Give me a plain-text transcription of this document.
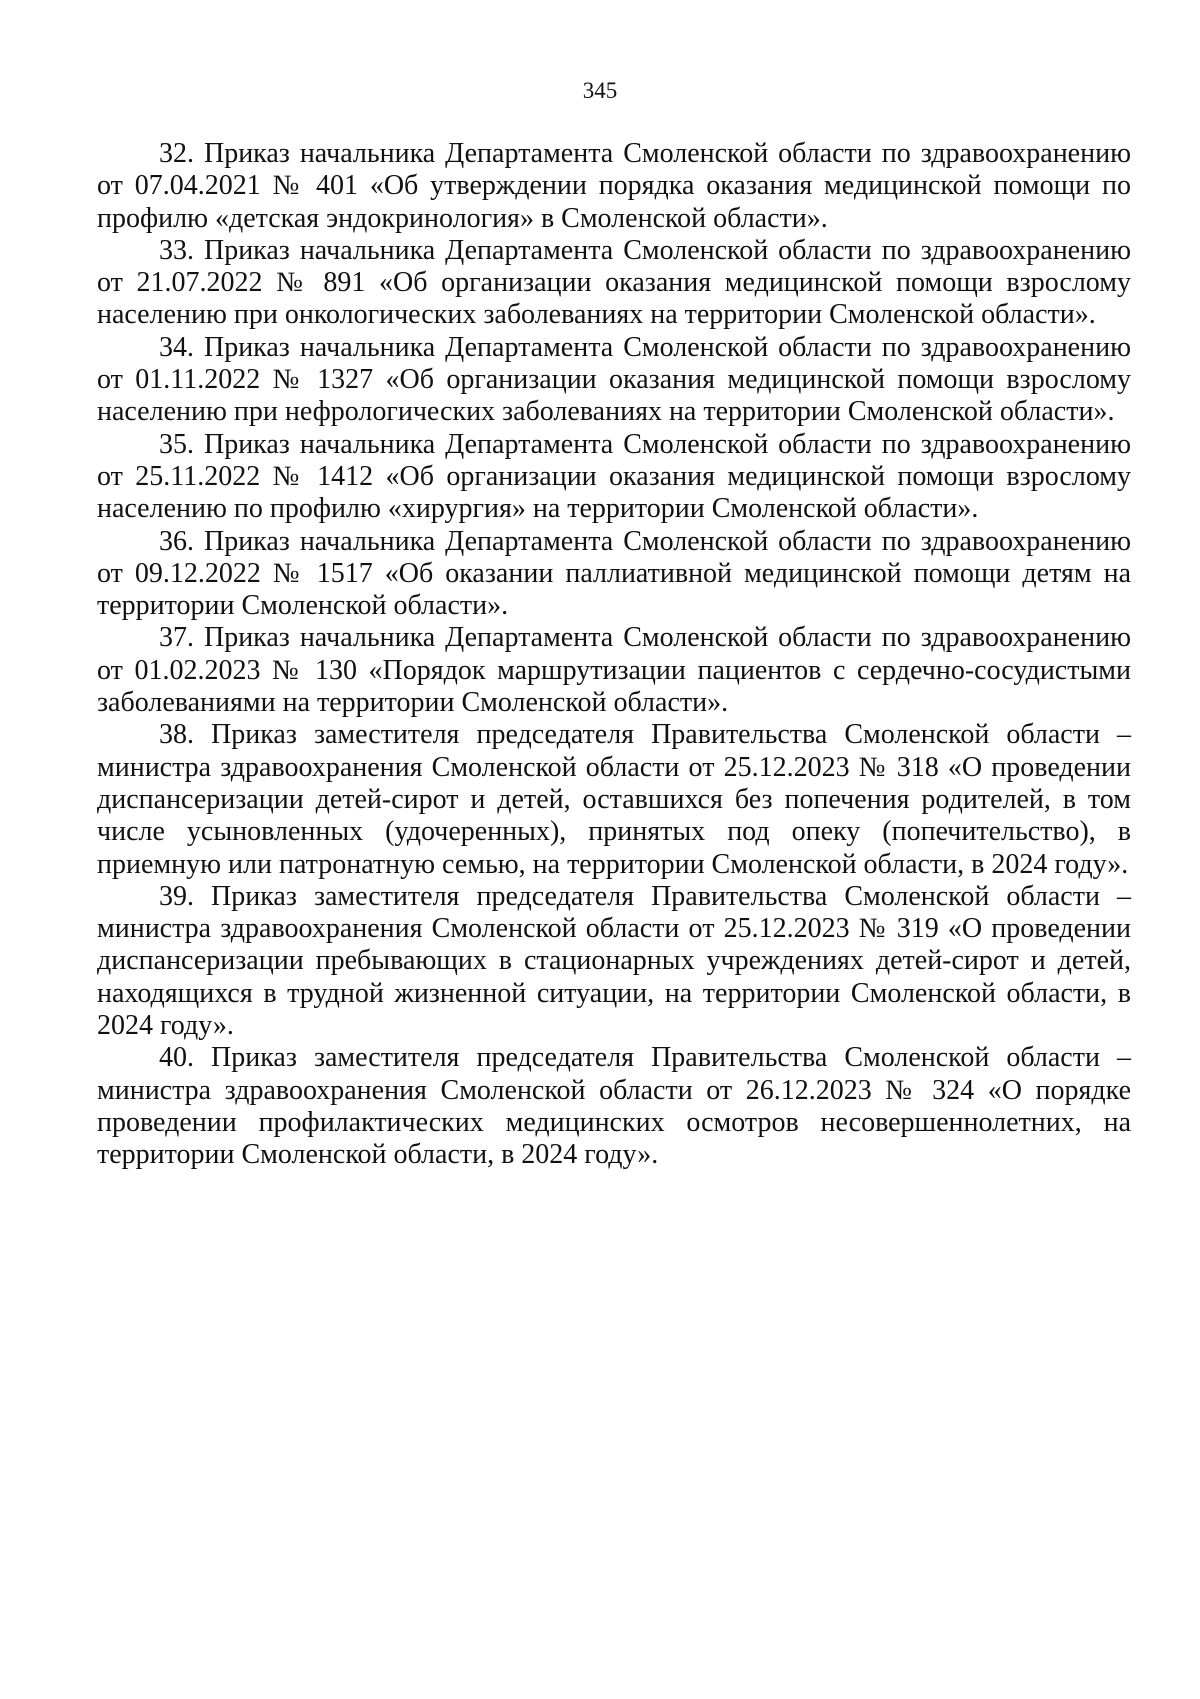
345

32. Приказ начальника Департамента Смоленской области по здравоохранению от 07.04.2021 № 401 «Об утверждении порядка оказания медицинской помощи по профилю «детская эндокринология» в Смоленской области».

33. Приказ начальника Департамента Смоленской области по здравоохранению от 21.07.2022 № 891 «Об организации оказания медицинской помощи взрослому населению при онкологических заболеваниях на территории Смоленской области».

34. Приказ начальника Департамента Смоленской области по здравоохранению от 01.11.2022 № 1327 «Об организации оказания медицинской помощи взрослому населению при нефрологических заболеваниях на территории Смоленской области».

35. Приказ начальника Департамента Смоленской области по здравоохранению от 25.11.2022 № 1412 «Об организации оказания медицинской помощи взрослому населению по профилю «хирургия» на территории Смоленской области».

36. Приказ начальника Департамента Смоленской области по здравоохранению от 09.12.2022 № 1517 «Об оказании паллиативной медицинской помощи детям на территории Смоленской области».

37. Приказ начальника Департамента Смоленской области по здравоохранению от 01.02.2023 № 130 «Порядок маршрутизации пациентов с сердечно-сосудистыми заболеваниями на территории Смоленской области».

38. Приказ заместителя председателя Правительства Смоленской области – министра здравоохранения Смоленской области от 25.12.2023 № 318 «О проведении диспансеризации детей-сирот и детей, оставшихся без попечения родителей, в том числе усыновленных (удочеренных), принятых под опеку (попечительство), в приемную или патронатную семью, на территории Смоленской области, в 2024 году».

39. Приказ заместителя председателя Правительства Смоленской области – министра здравоохранения Смоленской области от 25.12.2023 № 319 «О проведении диспансеризации пребывающих в стационарных учреждениях детей-сирот и детей, находящихся в трудной жизненной ситуации, на территории Смоленской области, в 2024 году».

40. Приказ заместителя председателя Правительства Смоленской области – министра здравоохранения Смоленской области от 26.12.2023 № 324 «О порядке проведении профилактических медицинских осмотров несовершеннолетних, на территории Смоленской области, в 2024 году».
